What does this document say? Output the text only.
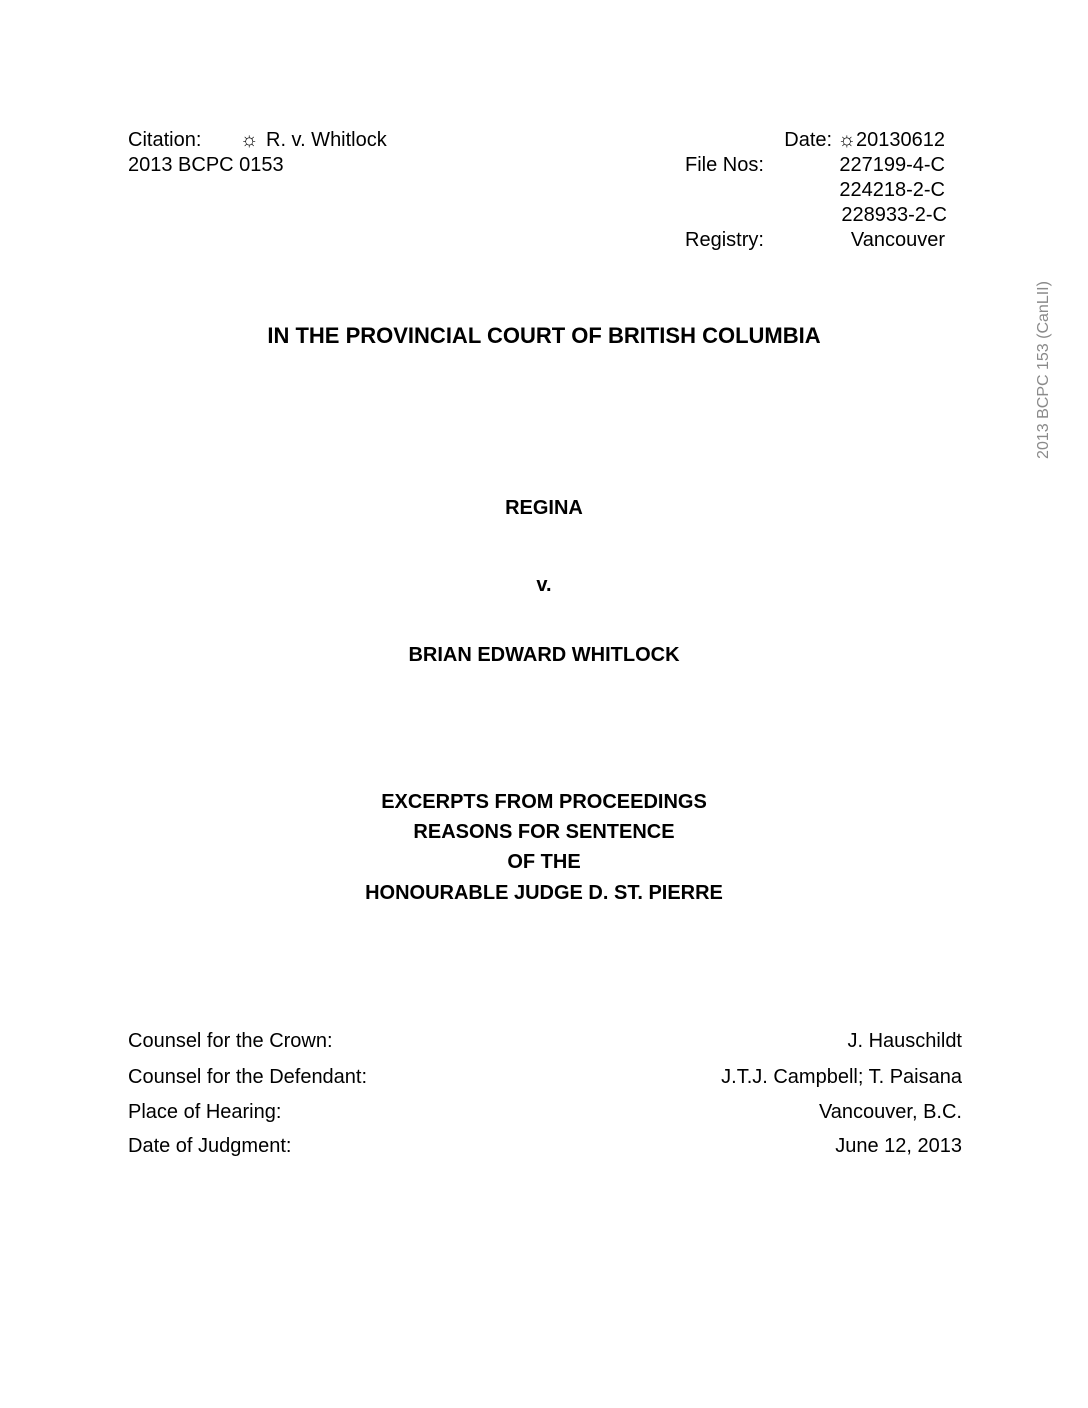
Citation: ☼ R. v. Whitlock
2013 BCPC 0153
Date: ☼20130612
File Nos:	227199-4-C
224218-2-C
228933-2-C
Registry:	Vancouver
IN THE PROVINCIAL COURT OF BRITISH COLUMBIA
REGINA
v.
BRIAN EDWARD WHITLOCK
EXCERPTS FROM PROCEEDINGS
REASONS FOR SENTENCE
OF THE
HONOURABLE JUDGE D. ST. PIERRE
Counsel for the Crown:	J. Hauschildt
Counsel for the Defendant:	J.T.J. Campbell; T. Paisana
Place of Hearing:	Vancouver, B.C.
Date of Judgment:	June 12, 2013
2013 BCPC 153 (CanLII)
